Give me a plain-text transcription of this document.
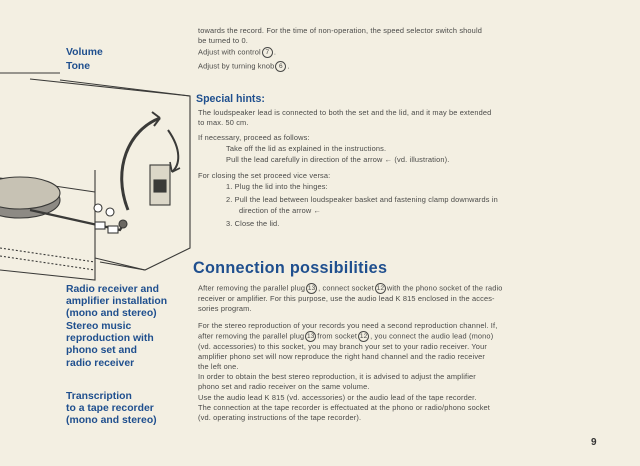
Volume
Tone
Radio receiver and
amplifier installation
(mono and stereo)
Stereo music
reproduction with
phono set and
radio receiver
Transcription
to a tape recorder
(mono and stereo)
towards the record. For the time of non-operation, the speed selector switch should
be turned to 0.
Adjust with control 7 .
Adjust by turning knob 6 .
Special hints:
The loudspeaker lead is connected to both the set and the lid, and it may be extended
to max. 50 cm.
If necessary, proceed as follows:
Take off the lid as explained in the instructions.
Pull the lead carefully in direction of the arrow ← (vd. illustration).
For closing the set proceed vice versa:
1. Plug the lid into the hinges:
2. Pull the lead between loudspeaker basket and fastening clamp downwards in
direction of the arrow ←
3. Close the lid.
Connection possibilities
After removing the parallel plug 13 , connect socket 12 with the phono socket of the radio
receiver or amplifier. For this purpose, use the audio lead K 815 enclosed in the acces-
sories program.
For the stereo reproduction of your records you need a second reproduction channel. If,
after removing the parallel plug 13 from socket 12 , you connect the audio lead (mono)
(vd. accessories) to this socket, you may branch your set to your radio receiver. Your
amplifier phono set will now reproduce the right hand channel and the radio receiver
the left one.
In order to obtain the best stereo reproduction, it is advised to adjust the amplifier
phono set and radio receiver on the same volume.
Use the audio lead K 815 (vd. accessories) or the audio lead of the tape recorder.
The connection at the tape recorder is effectuated at the phono or radio/phono socket
(vd. operating instructions of the tape recorder).
9
